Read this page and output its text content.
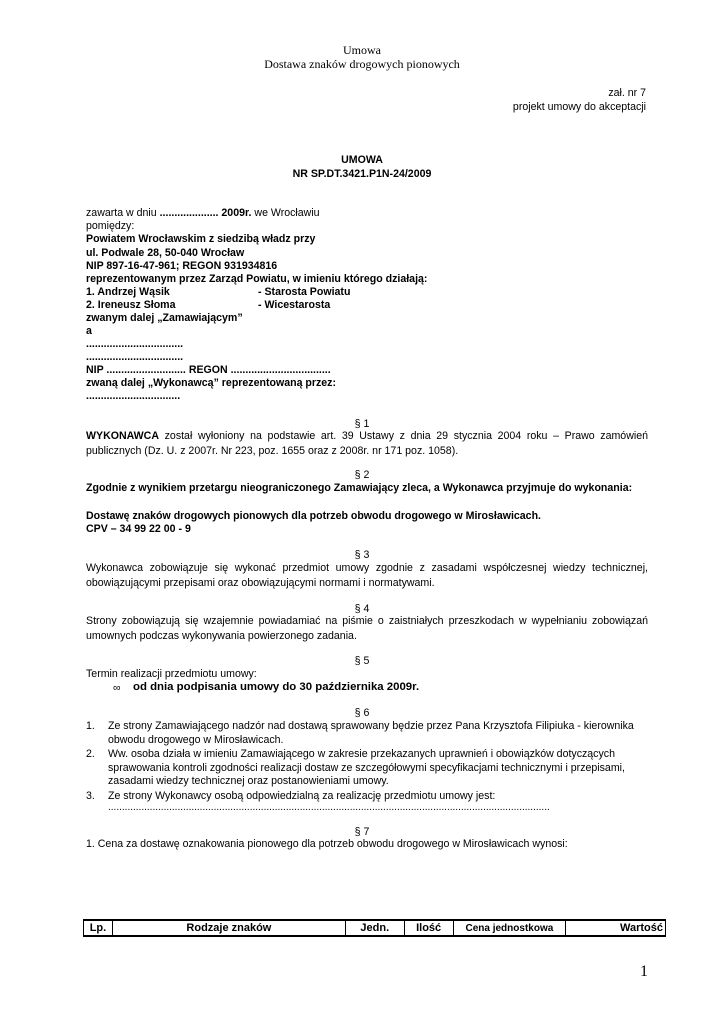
Umowa
Dostawa znaków drogowych pionowych
zał. nr 7
projekt umowy do akceptacji
UMOWA
NR SP.DT.3421.P1N-24/2009
zawarta w dniu .................... 2009r. we Wrocławiu
pomiędzy:
Powiatem Wrocławskim z siedzibą władz przy
ul. Podwale 28, 50-040 Wrocław
NIP 897-16-47-961; REGON 931934816
reprezentowanym przez Zarząd Powiatu, w imieniu którego działają:
1. Andrzej Wąsik	- Starosta Powiatu
2. Ireneusz Słoma	- Wicestarosta
zwanym dalej „Zamawiającym”
a
.................................
.................................
NIP ........................... REGON ..................................
zwaną dalej „Wykonawcą” reprezentowaną przez:
................................
§ 1
WYKONAWCA został wyłoniony na podstawie art. 39 Ustawy z dnia 29 stycznia 2004 roku – Prawo zamówień publicznych (Dz. U. z 2007r. Nr 223, poz. 1655 oraz z 2008r. nr 171 poz. 1058).
§ 2
Zgodnie z wynikiem przetargu nieograniczonego Zamawiający zleca, a Wykonawca przyjmuje do wykonania:
Dostawę znaków drogowych pionowych dla potrzeb obwodu drogowego w Mirosławicach.
CPV – 34 99 22 00 - 9
§ 3
Wykonawca zobowiązuje się wykonać przedmiot umowy zgodnie z zasadami współczesnej wiedzy technicznej, obowiązującymi przepisami oraz obowiązującymi normami i normatywami.
§ 4
Strony zobowiązują się wzajemnie powiadamiać na piśmie o zaistniałych przeszkodach w wypełnianiu zobowiązań umownych podczas wykonywania powierzonego zadania.
§ 5
Termin realizacji przedmiotu umowy:
∞ od dnia podpisania umowy do 30 października 2009r.
§ 6
1. Ze strony Zamawiającego nadzór nad dostawą sprawowany będzie przez Pana Krzysztofa Filipiuka - kierownika obwodu drogowego w Mirosławicach.
2. Ww. osoba działa w imieniu Zamawiającego w zakresie przekazanych uprawnień i obowiązków dotyczących sprawowania kontroli zgodności realizacji dostaw ze szczegółowymi specyfikacjami technicznymi i przepisami, zasadami wiedzy technicznej oraz postanowieniami umowy.
3. Ze strony Wykonawcy osobą odpowiedzialną za realizację przedmiotu umowy jest:
...............................................................................................................................................................
§ 7
1. Cena za dostawę oznakowania pionowego dla potrzeb obwodu drogowego w Mirosławicach wynosi:
Lp.	Rodzaje znaków	Jedn.	Ilość	Cena jednostkowa	Wartość
1
